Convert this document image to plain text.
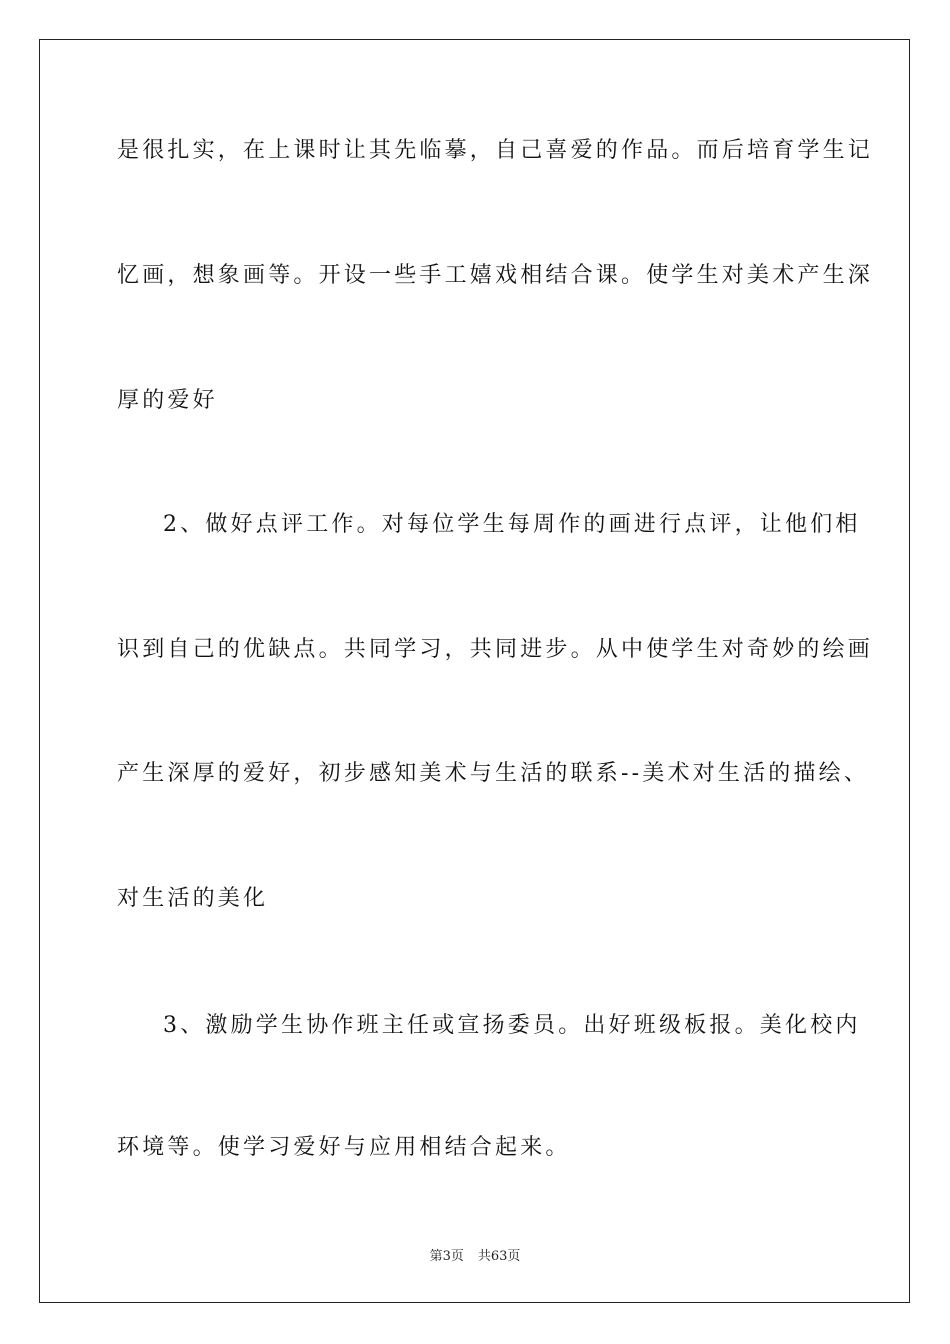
是很扎实，在上课时让其先临摹，自己喜爱的作品。而后培育学生记
忆画，想象画等。开设一些手工嬉戏相结合课。使学生对美术产生深
厚的爱好
2、做好点评工作。对每位学生每周作的画进行点评，让他们相
识到自己的优缺点。共同学习，共同进步。从中使学生对奇妙的绘画
产生深厚的爱好，初步感知美术与生活的联系--美术对生活的描绘、
对生活的美化
3、激励学生协作班主任或宣扬委员。出好班级板报。美化校内
环境等。使学习爱好与应用相结合起来。
第3页 共63页
